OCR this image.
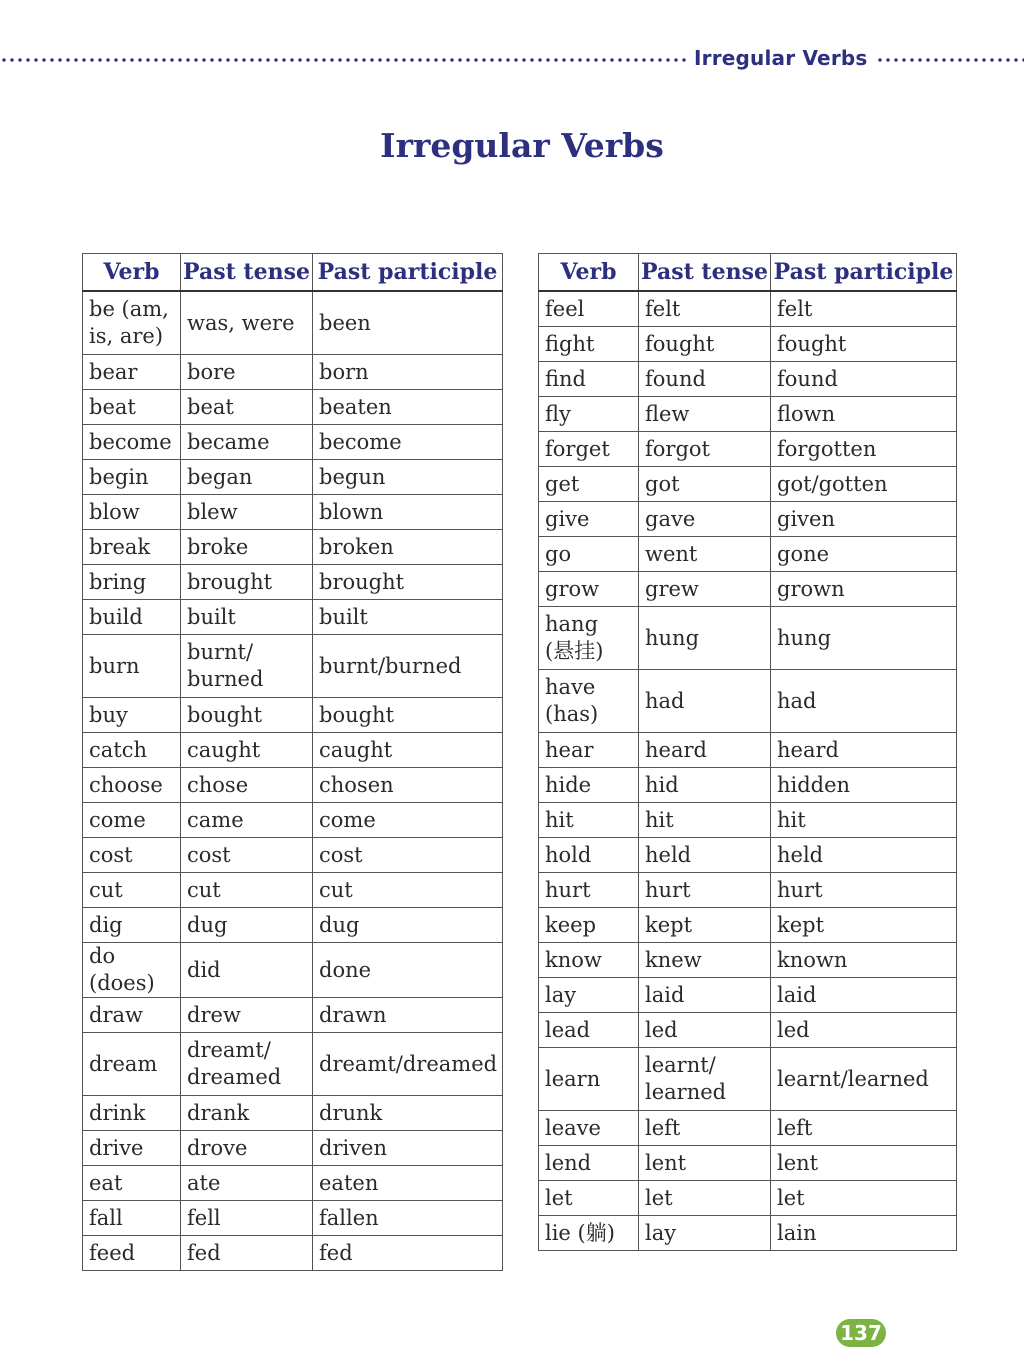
Irregular Verbs
Irregular Verbs
Verb	Past tense	Past participle
be (am, is, are)	was, were	been
bear	bore	born
beat	beat	beaten
become	became	become
begin	began	begun
blow	blew	blown
break	broke	broken
bring	brought	brought
build	built	built
burn	burnt/ burned	burnt/burned
buy	bought	bought
catch	caught	caught
choose	chose	chosen
come	came	come
cost	cost	cost
cut	cut	cut
dig	dug	dug
do (does)	did	done
draw	drew	drawn
dream	dreamt/ dreamed	dreamt/dreamed
drink	drank	drunk
drive	drove	driven
eat	ate	eaten
fall	fell	fallen
feed	fed	fed
Verb	Past tense	Past participle
feel	felt	felt
fight	fought	fought
find	found	found
fly	flew	flown
forget	forgot	forgotten
get	got	got/gotten
give	gave	given
go	went	gone
grow	grew	grown
hang (悬挂)	hung	hung
have (has)	had	had
hear	heard	heard
hide	hid	hidden
hit	hit	hit
hold	held	held
hurt	hurt	hurt
keep	kept	kept
know	knew	known
lay	laid	laid
lead	led	led
learn	learnt/ learned	learnt/learned
leave	left	left
lend	lent	lent
let	let	let
lie (躺)	lay	lain
137
